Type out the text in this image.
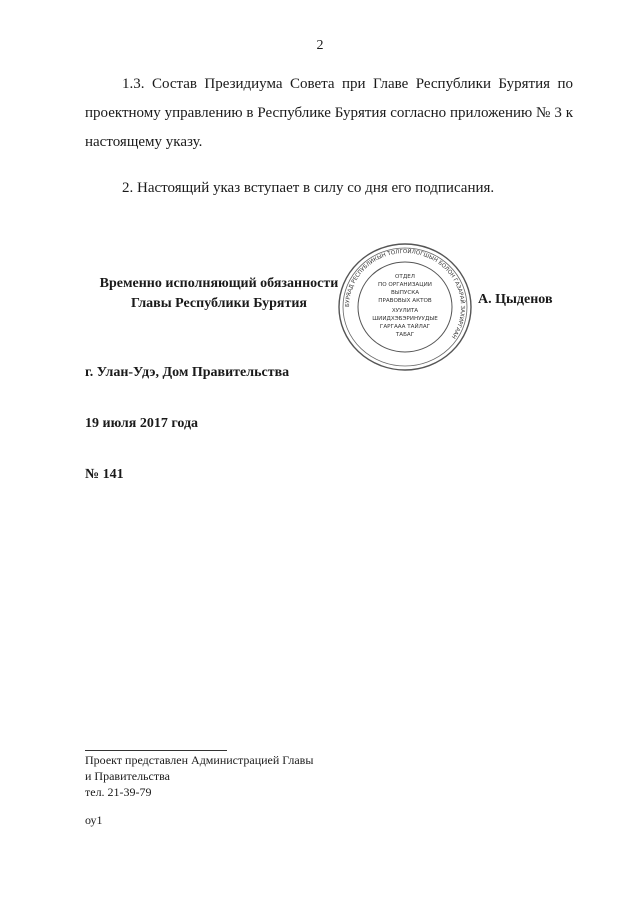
2
1.3. Состав Президиума Совета при Главе Республики Бурятия по проектному управлению в Республике Бурятия согласно приложению № 3 к настоящему указу.
2. Настоящий указ вступает в силу со дня его подписания.
Временно исполняющий обязанности
Главы Республики Бурятия	БУРЯАД РЕСПУБЛИКЫН ТОЛГОЙЛОГШЫН БОЛОН ГАЗАРАЙ ЗАХИРГААН
ОТДЕЛ
ПО ОРГАНИЗАЦИИ
ВЫПУСКА
ПРАВОВЫХ АКТОВ
ХУУЛИТА
ШИИДХЭБЭРИНУУДЫЕ
ГАРГААА ТАЙЛАГ
ТАБАГ
А. Цыденов
г. Улан-Удэ, Дом Правительства
19 июля 2017 года
№ 141
Проект представлен Администрацией Главы
и Правительства
тел. 21-39-79
оу1
